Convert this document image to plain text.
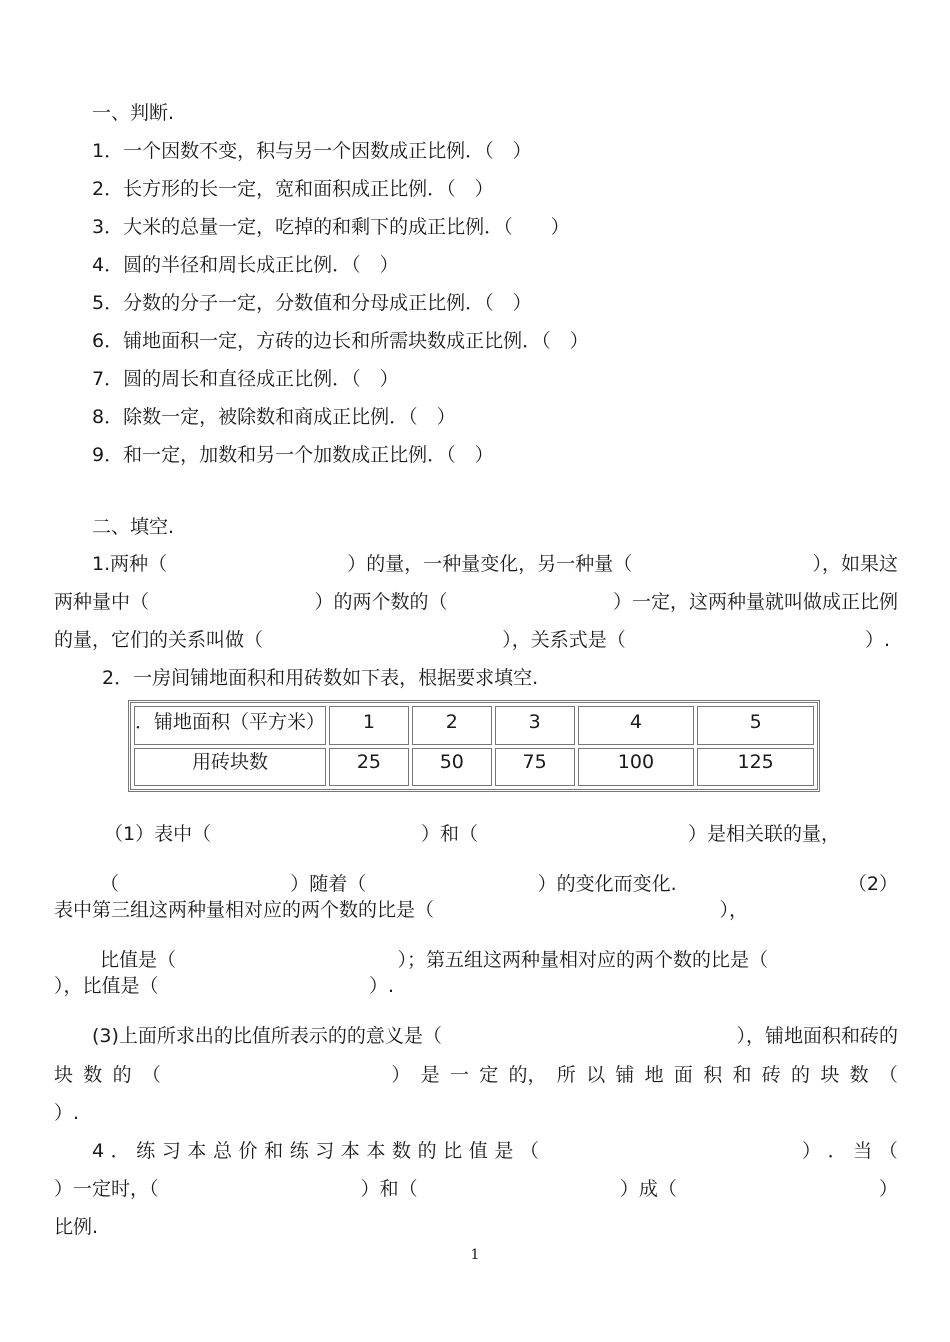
一、判断.
1．一个因数不变，积与另一个因数成正比例．（　）
2．长方形的长一定，宽和面积成正比例．（　）
3．大米的总量一定，吃掉的和剩下的成正比例．（　　）
4．圆的半径和周长成正比例．（　）
5．分数的分子一定，分数值和分母成正比例．（　）
6．铺地面积一定，方砖的边长和所需块数成正比例．（　）
7．圆的周长和直径成正比例．（　）
8．除数一定，被除数和商成正比例．（　）
9．和一定，加数和另一个加数成正比例．（　）
二、填空.
1.两种（	）的量，一种量变化，另一种量（	），如果这
两种量中（	）的两个数的（	）一定，这两种量就叫做成正比例
的量，它们的关系叫做（	），关系式是（	）.
2．一房间铺地面积和用砖数如下表，根据要求填空.
．铺地面积（平方米）	1	2	3	4	5
用砖块数	25	50	75	100	125
（1）表中（	）和（	）是相关联的量，
（	）随着（	）的变化而变化.	（2）
表中第三组这两种量相对应的两个数的比是（	），
比值是（	）；第五组这两种量相对应的两个数的比是（
），比值是（	）.
(3)上面所求出的比值所表示的的意义是（	），铺地面积和砖的
块 数 的 （	） 是 一 定 的， 所 以 铺 地 面 积 和 砖 的 块 数 （
）.
4 ． 练 习 本 总 价 和 练 习 本 本 数 的 比 值 是 （	） ． 当 （
）一定时，（	）和（	）成（	）
比例.
1
